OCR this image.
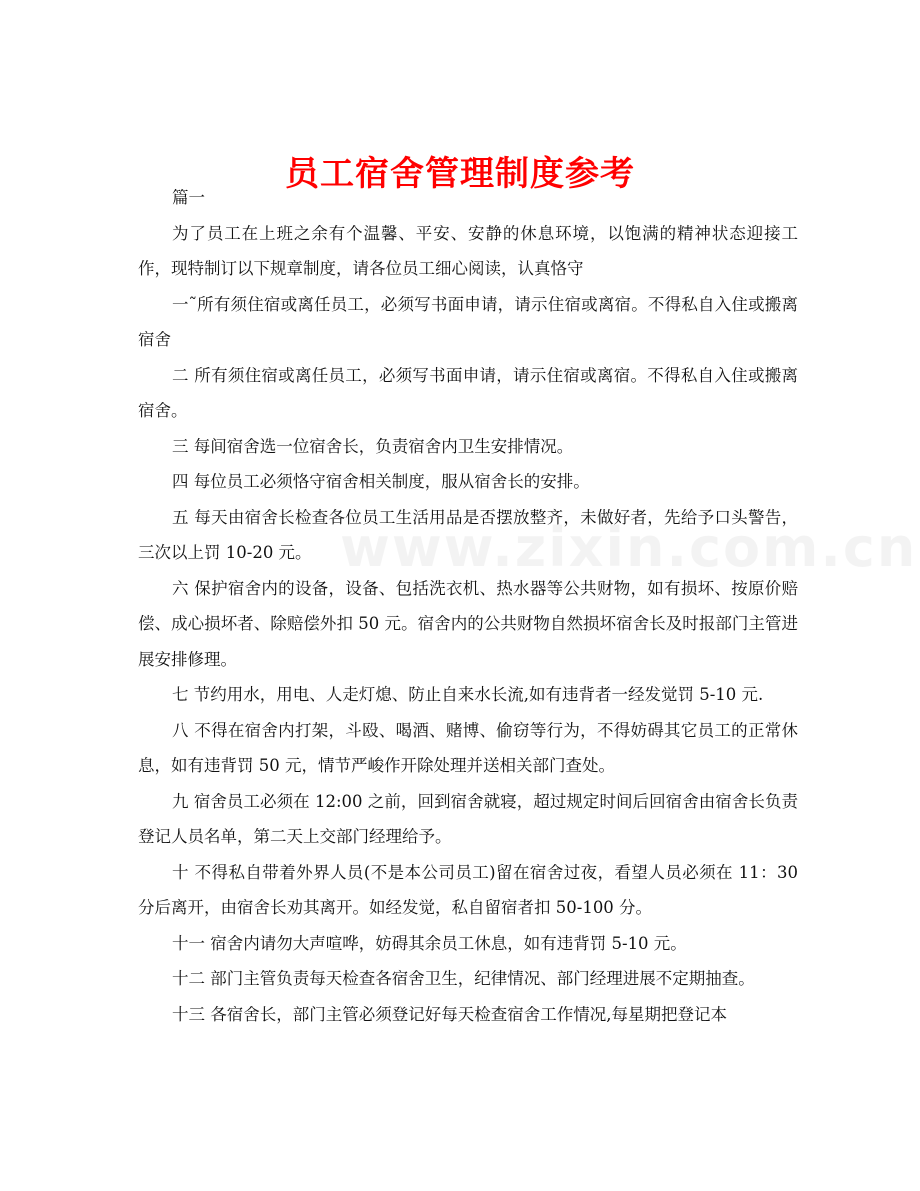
员工宿舍管理制度参考

篇一

为了员工在上班之余有个温馨、平安、安静的休息环境，以饱满的精神状态迎接工作，现特制订以下规章制度，请各位员工细心阅读，认真恪守

一˜所有须住宿或离任员工，必须写书面申请，请示住宿或离宿。不得私自入住或搬离宿舍

二 所有须住宿或离任员工，必须写书面申请，请示住宿或离宿。不得私自入住或搬离宿舍。

三 每间宿舍选一位宿舍长，负责宿舍内卫生安排情况。

四 每位员工必须恪守宿舍相关制度，服从宿舍长的安排。

五 每天由宿舍长检查各位员工生活用品是否摆放整齐，未做好者，先给予口头警告，三次以上罚 10-20 元。

六 保护宿舍内的设备，设备、包括洗衣机、热水器等公共财物，如有损坏、按原价赔偿、成心损坏者、除赔偿外扣 50 元。宿舍内的公共财物自然损坏宿舍长及时报部门主管进展安排修理。

七 节约用水，用电、人走灯熄、防止自来水长流,如有违背者一经发觉罚 5-10 元.

八 不得在宿舍内打架，斗殴、喝酒、赌博、偷窃等行为，不得妨碍其它员工的正常休息，如有违背罚 50 元，情节严峻作开除处理并送相关部门查处。

九 宿舍员工必须在 12:00 之前，回到宿舍就寝，超过规定时间后回宿舍由宿舍长负责登记人员名单，第二天上交部门经理给予。

十 不得私自带着外界人员(不是本公司员工)留在宿舍过夜，看望人员必须在 11：30 分后离开，由宿舍长劝其离开。如经发觉，私自留宿者扣 50-100 分。

十一 宿舍内请勿大声喧哗，妨碍其余员工休息，如有违背罚 5-10 元。

十二 部门主管负责每天检查各宿舍卫生，纪律情况、部门经理进展不定期抽查。

十三 各宿舍长，部门主管必须登记好每天检查宿舍工作情况,每星期把登记本
